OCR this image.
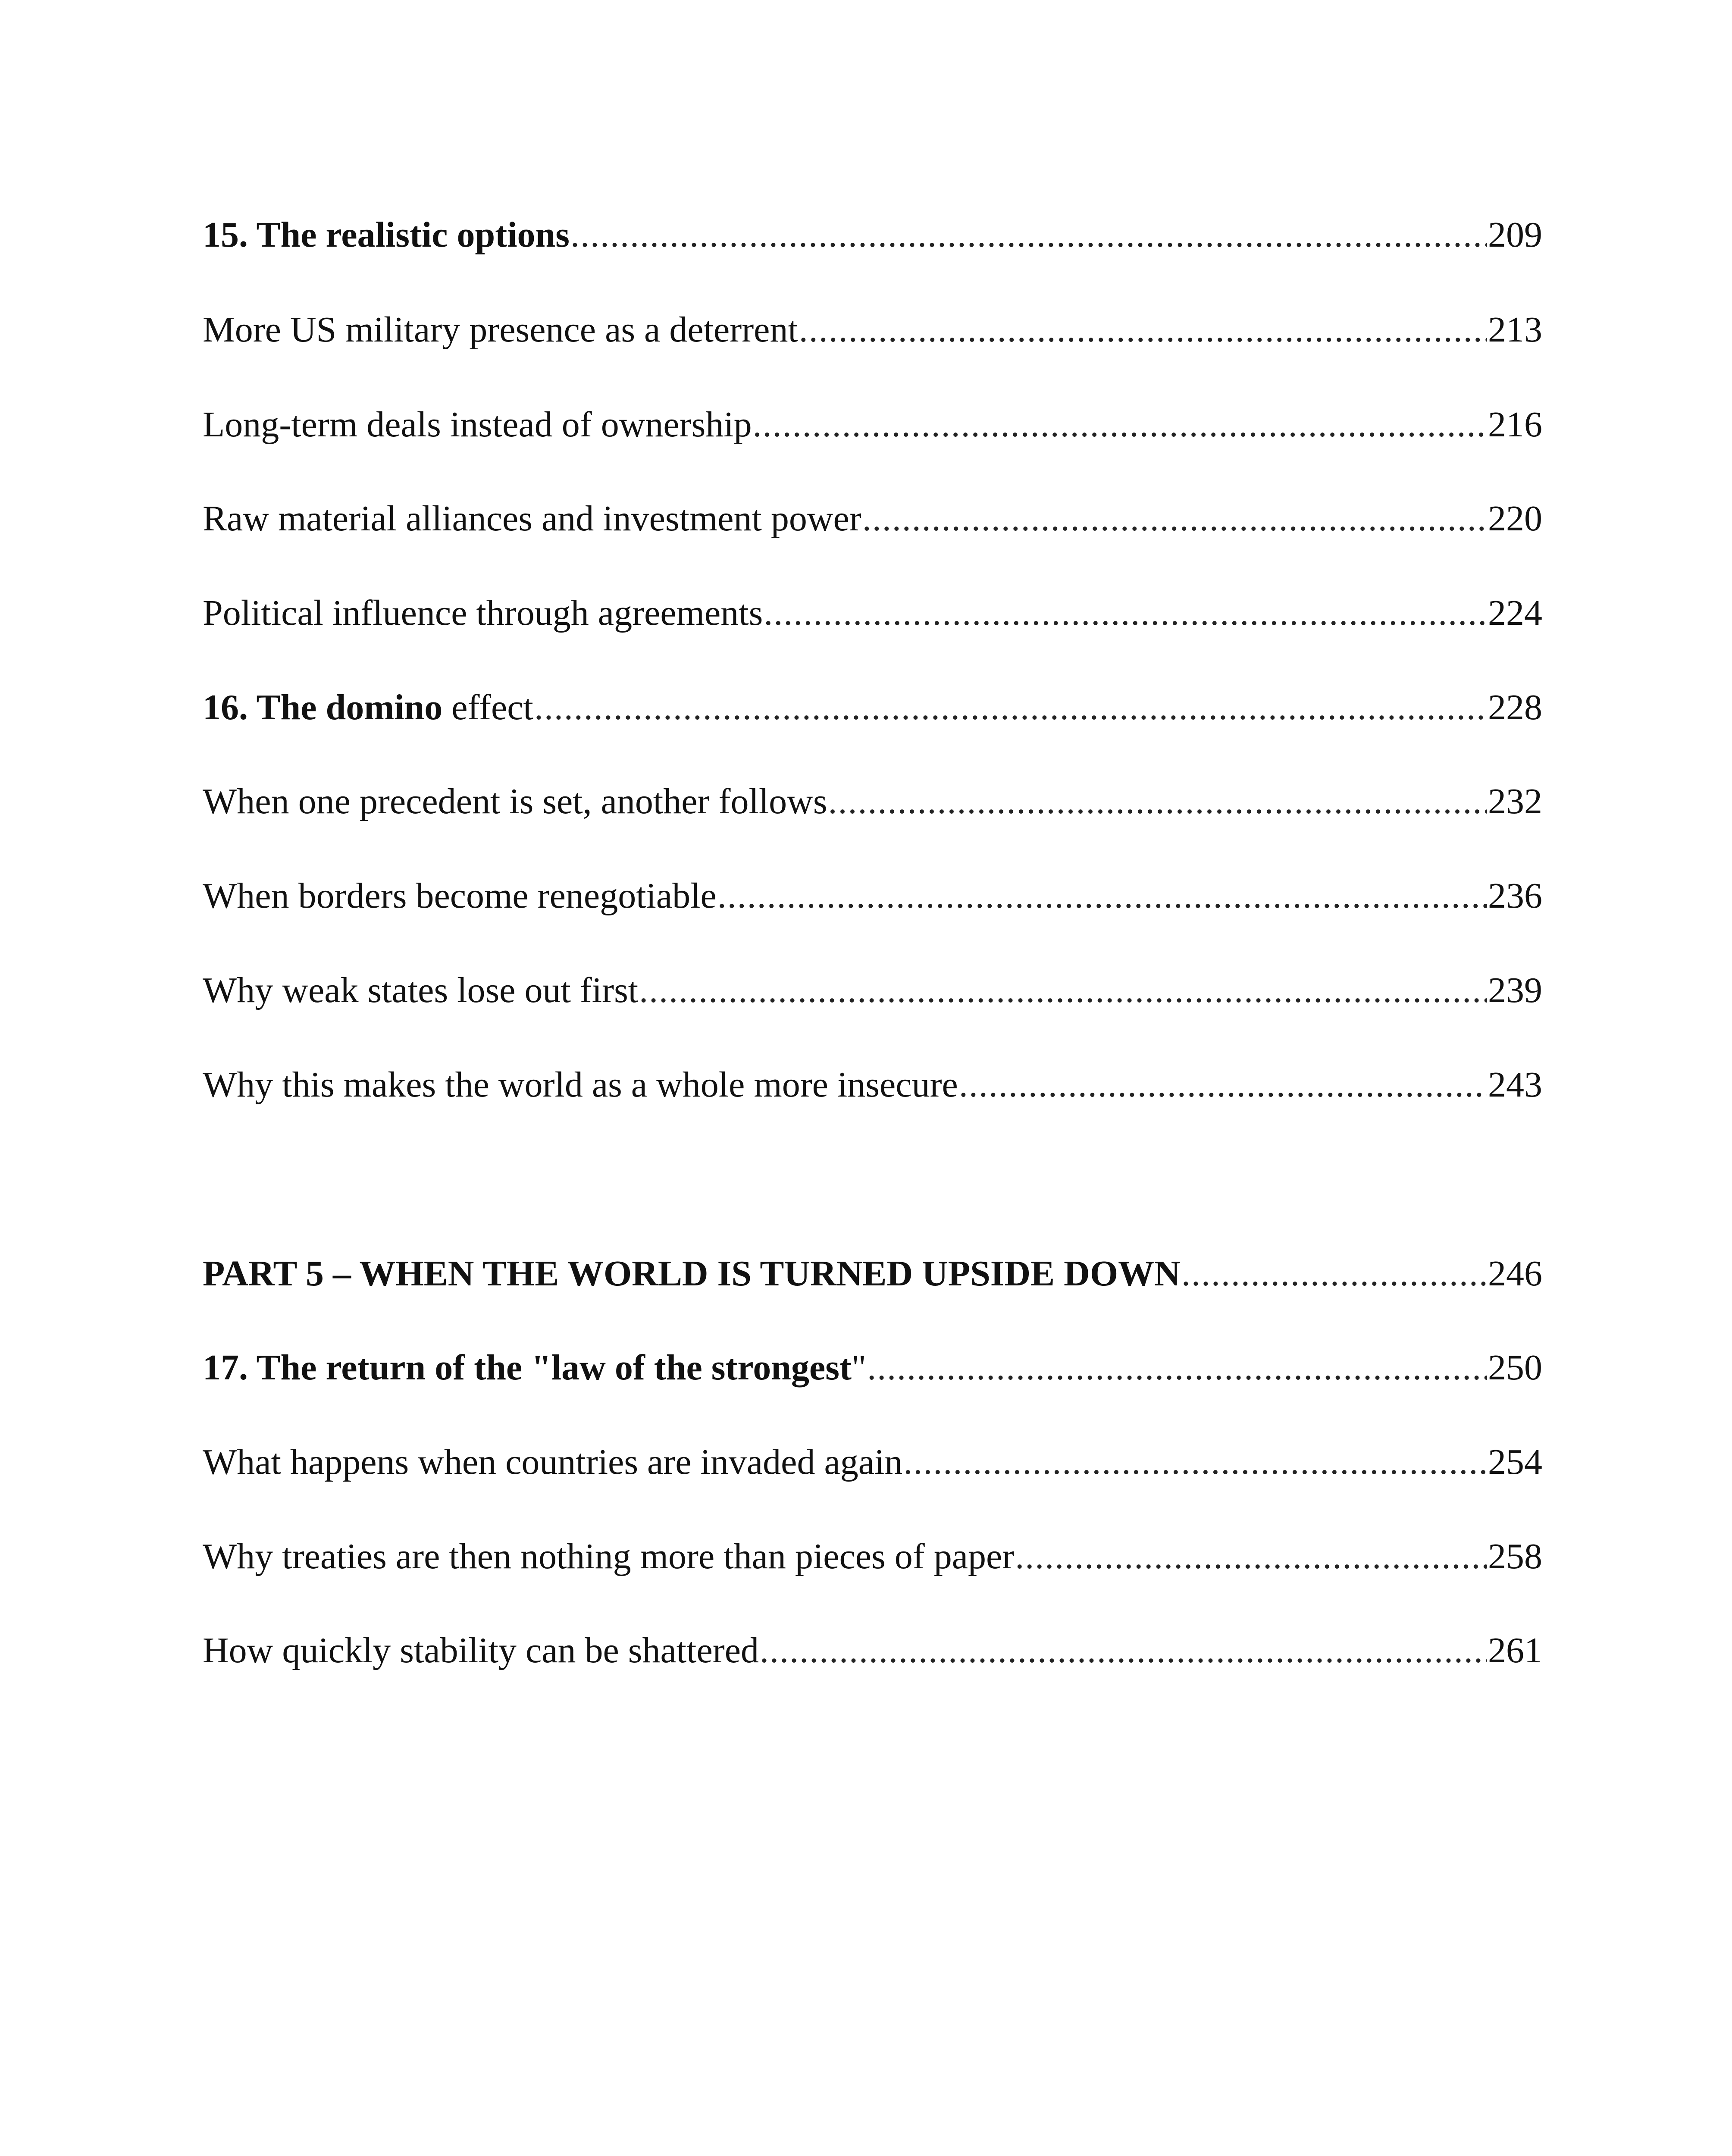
15. The realistic options .....	209
More US military presence as a deterrent .....	213
Long-term deals instead of ownership .....	216
Raw material alliances and investment power .....	220
Political influence through agreements .....	224
16. The domino effect .....	228
When one precedent is set, another follows .....	232
When borders become renegotiable .....	236
Why weak states lose out first .....	239
Why this makes the world as a whole more insecure .....	243
PART 5 – WHEN THE WORLD IS TURNED UPSIDE DOWN .....	246
17. The return of the "law of the strongest" .....	250
What happens when countries are invaded again .....	254
Why treaties are then nothing more than pieces of paper .....	258
How quickly stability can be shattered .....	261
